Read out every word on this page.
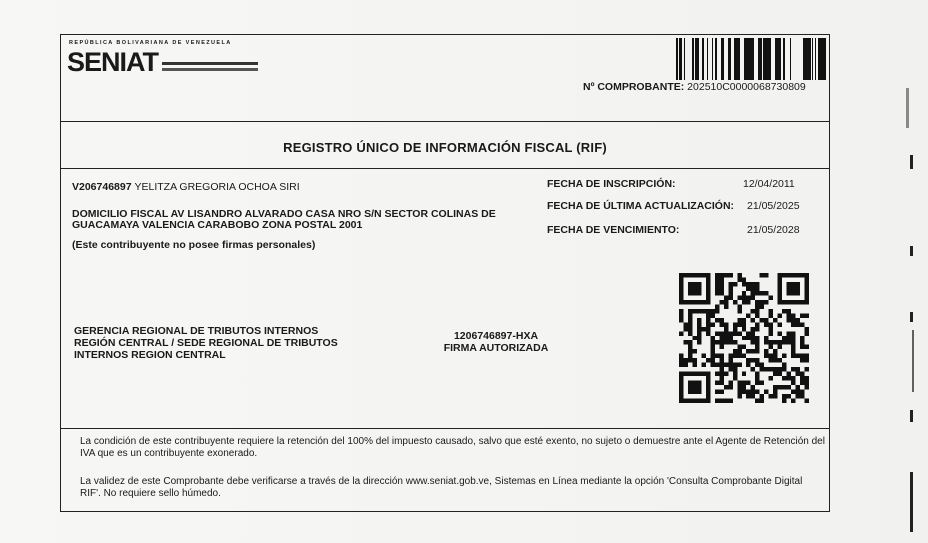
REPÚBLICA BOLIVARIANA DE VENEZUELA
SENIAT
Nº COMPROBANTE: 202510C0000068730809
REGISTRO ÚNICO DE INFORMACIÓN FISCAL (RIF)
V206746897 YELITZA GREGORIA OCHOA SIRI
DOMICILIO FISCAL AV LISANDRO ALVARADO CASA NRO S/N SECTOR COLINAS DE
GUACAMAYA VALENCIA CARABOBO ZONA POSTAL 2001
(Este contribuyente no posee firmas personales)
FECHA DE INSCRIPCIÓN:	12/04/2011
FECHA DE ÚLTIMA ACTUALIZACIÓN: 21/05/2025
FECHA DE VENCIMIENTO:	21/05/2028
GERENCIA REGIONAL DE TRIBUTOS INTERNOS
REGIÓN CENTRAL / SEDE REGIONAL DE TRIBUTOS
INTERNOS REGION CENTRAL
1206746897-HXA
FIRMA AUTORIZADA
La condición de este contribuyente requiere la retención del 100% del impuesto causado, salvo que esté exento, no sujeto o demuestre ante el Agente de Retención del IVA que es un contribuyente exonerado.
La validez de este Comprobante debe verificarse a través de la dirección www.seniat.gob.ve, Sistemas en Línea mediante la opción 'Consulta Comprobante Digital RIF'. No requiere sello húmedo.
